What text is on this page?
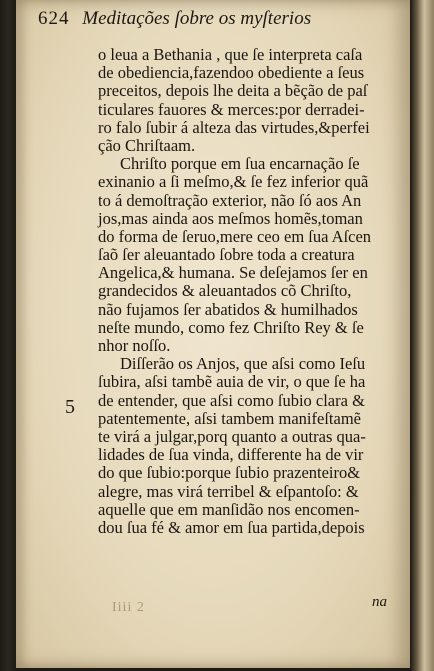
624 Meditações ſobre os myſterios
o leua a Bethania , que ſe interpreta caſa
de obediencia,fazendoo obediente a ſeus
preceitos, depois lhe deita a bẽção de paſ
ticulares fauores & merces:por derradei-
ro falo ſubir á alteza das virtudes,&perfei
ção Chriſtaam.
Chriſto porque em ſua encarnação ſe
exinanio a ſi meſmo,& ſe fez inferior quã
to á demoſtração exterior, não ſó aos An
jos,mas ainda aos meſmos homẽs,toman
do forma de ſeruo,mere ceo em ſua Aſcen
ſaõ ſer aleuantado ſobre toda a creatura
Angelica,& humana. Se deſejamos ſer en
grandecidos & aleuantados cõ Chriſto,
não fujamos ſer abatidos & humilhados
neſte mundo, como fez Chriſto Rey & ſe
nhor noſſo.
Diſſerão os Anjos, que aſsi como Ieſu
ſubira, aſsi tambẽ auia de vir, o que ſe ha
de entender, que aſsi como ſubio clara &
patentemente, aſsi tambem manifeſtamẽ
te virá a julgar,porq quanto a outras qua-
lidades de ſua vinda, differente ha de vir
do que ſubio:porque ſubio prazenteiro&
alegre, mas virá terribel & eſpantoſo: &
aquelle que em manſidão nos encomen-
dou ſua fé & amor em ſua partida,depois
5
Iiii 2	na
